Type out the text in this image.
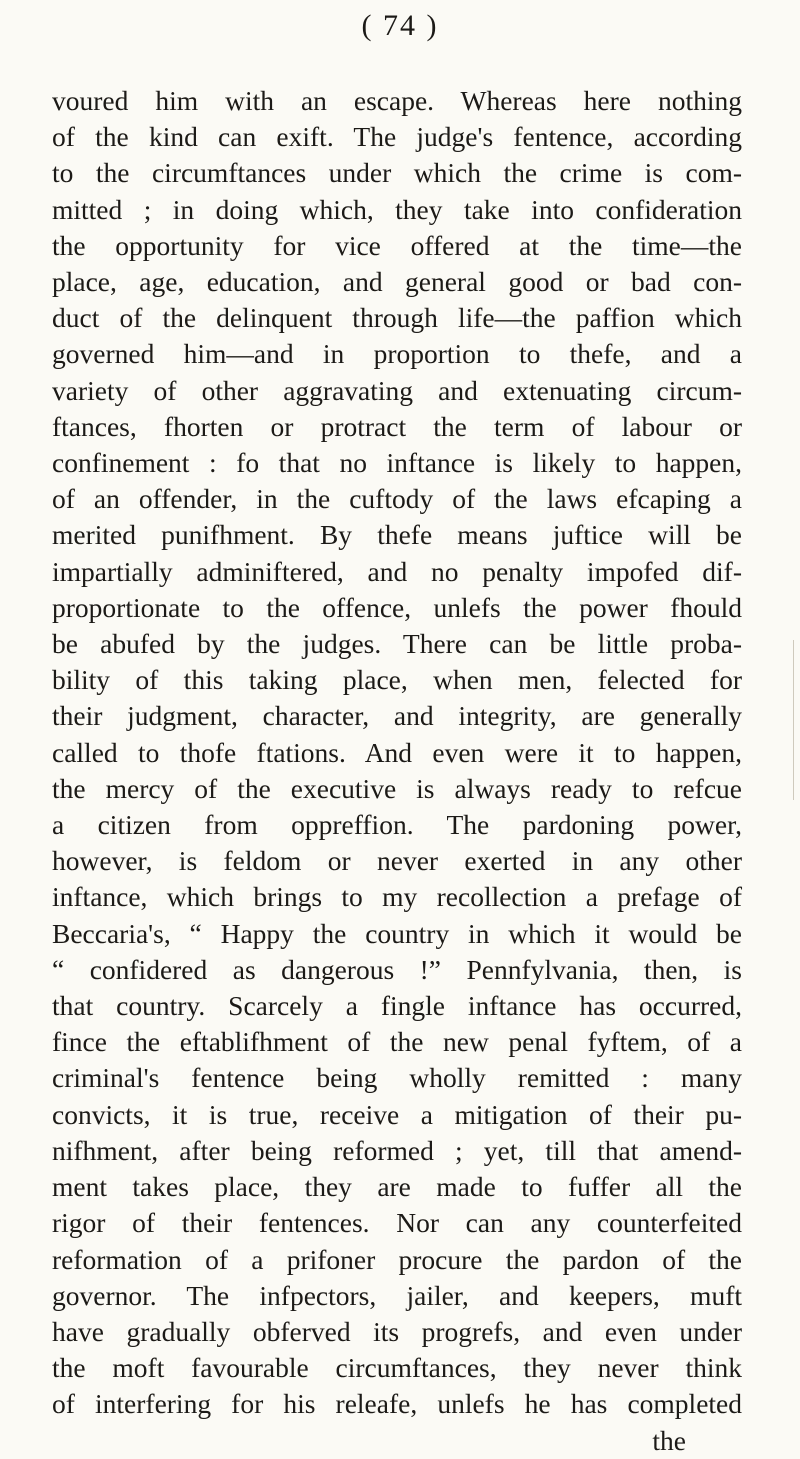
( 74 )
voured him with an escape. Whereas here nothing
of the kind can exift. The judge's fentence, according
to the circumftances under which the crime is com-
mitted ; in doing which, they take into confideration
the opportunity for vice offered at the time—the
place, age, education, and general good or bad con-
duct of the delinquent through life—the paffion which
governed him—and in proportion to thefe, and a
variety of other aggravating and extenuating circum-
ftances, fhorten or protract the term of labour or
confinement : fo that no inftance is likely to happen,
of an offender, in the cuftody of the laws efcaping a
merited punifhment. By thefe means juftice will be
impartially adminiftered, and no penalty impofed dif-
proportionate to the offence, unlefs the power fhould
be abufed by the judges. There can be little proba-
bility of this taking place, when men, felected for
their judgment, character, and integrity, are generally
called to thofe ftations. And even were it to happen,
the mercy of the executive is always ready to refcue
a citizen from oppreffion. The pardoning power,
however, is feldom or never exerted in any other
inftance, which brings to my recollection a prefage of
Beccaria's, “ Happy the country in which it would be
“ confidered as dangerous !” Pennfylvania, then, is
that country. Scarcely a fingle inftance has occurred,
fince the eftablifhment of the new penal fyftem, of a
criminal's fentence being wholly remitted : many
convicts, it is true, receive a mitigation of their pu-
nifhment, after being reformed ; yet, till that amend-
ment takes place, they are made to fuffer all the
rigor of their fentences. Nor can any counterfeited
reformation of a prifoner procure the pardon of the
governor. The infpectors, jailer, and keepers, muft
have gradually obferved its progrefs, and even under
the moft favourable circumftances, they never think
of interfering for his releafe, unlefs he has completed
the
